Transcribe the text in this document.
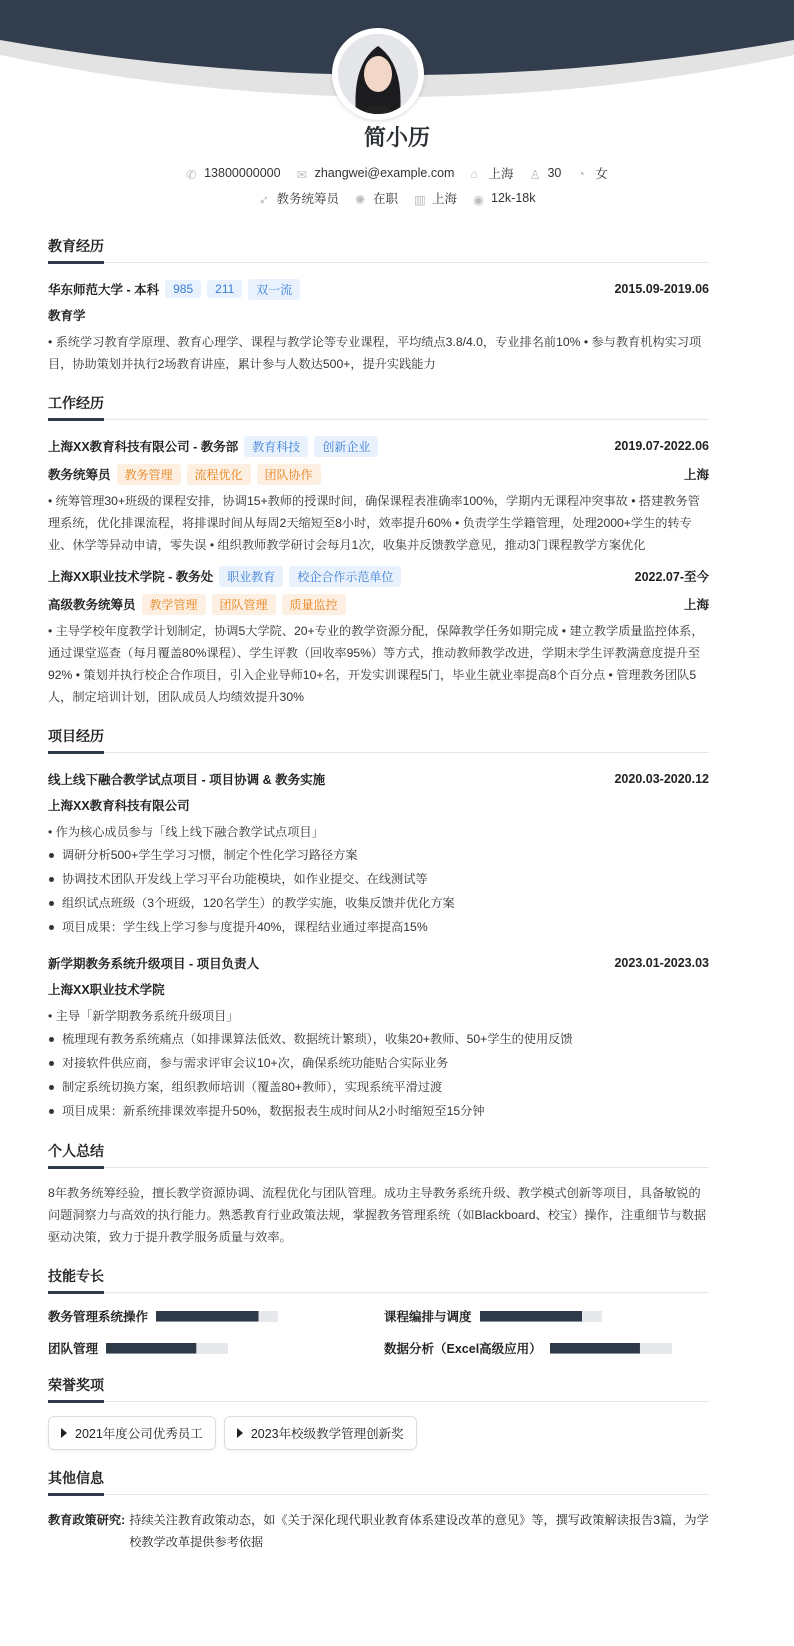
简小历
✆ 13800000000 ✉ zhangwei@example.com ⌂ 上海 ♙ 30 ◔ 女
➶ 教务统筹员 ✺ 在职 ▥ 上海 ◉ 12k-18k
教育经历
华东师范大学 - 本科	985	211	双一流	2015.09-2019.06
教育学
• 系统学习教育学原理、教育心理学、课程与教学论等专业课程，平均绩点3.8/4.0，专业排名前10% • 参与教育机构实习项目，协助策划并执行2场教育讲座，累计参与人数达500+，提升实践能力
工作经历
上海XX教育科技有限公司 - 教务部	教育科技	创新企业	2019.07-2022.06
教务统筹员	教务管理	流程优化	团队协作	上海
• 统筹管理30+班级的课程安排，协调15+教师的授课时间，确保课程表准确率100%，学期内无课程冲突事故 • 搭建教务管理系统，优化排课流程，将排课时间从每周2天缩短至8小时，效率提升60% • 负责学生学籍管理，处理2000+学生的转专业、休学等异动申请，零失误 • 组织教师教学研讨会每月1次，收集并反馈教学意见，推动3门课程教学方案优化
上海XX职业技术学院 - 教务处	职业教育	校企合作示范单位	2022.07-至今
高级教务统筹员	教学管理	团队管理	质量监控	上海
• 主导学校年度教学计划制定，协调5大学院、20+专业的教学资源分配，保障教学任务如期完成 • 建立教学质量监控体系，通过课堂巡查（每月覆盖80%课程）、学生评教（回收率95%）等方式，推动教师教学改进，学期末学生评教满意度提升至92% • 策划并执行校企合作项目，引入企业导师10+名，开发实训课程5门，毕业生就业率提高8个百分点 • 管理教务团队5人，制定培训计划，团队成员人均绩效提升30%
项目经历
线上线下融合教学试点项目 - 项目协调 & 教务实施	2020.03-2020.12
上海XX教育科技有限公司
• 作为核心成员参与「线上线下融合教学试点项目」
调研分析500+学生学习习惯，制定个性化学习路径方案
协调技术团队开发线上学习平台功能模块，如作业提交、在线测试等
组织试点班级（3个班级，120名学生）的教学实施，收集反馈并优化方案
项目成果：学生线上学习参与度提升40%，课程结业通过率提高15%
新学期教务系统升级项目 - 项目负责人	2023.01-2023.03
上海XX职业技术学院
• 主导「新学期教务系统升级项目」
梳理现有教务系统痛点（如排课算法低效、数据统计繁琐），收集20+教师、50+学生的使用反馈
对接软件供应商，参与需求评审会议10+次，确保系统功能贴合实际业务
制定系统切换方案，组织教师培训（覆盖80+教师），实现系统平滑过渡
项目成果：新系统排课效率提升50%，数据报表生成时间从2小时缩短至15分钟
个人总结
8年教务统筹经验，擅长教学资源协调、流程优化与团队管理。成功主导教务系统升级、教学模式创新等项目，具备敏锐的问题洞察力与高效的执行能力。熟悉教育行业政策法规，掌握教务管理系统（如Blackboard、校宝）操作，注重细节与数据驱动决策，致力于提升教学服务质量与效率。
技能专长
教务管理系统操作	课程编排与调度
团队管理	数据分析（Excel高级应用）
荣誉奖项
2021年度公司优秀员工	2023年校级教学管理创新奖
其他信息
教育政策研究: 持续关注教育政策动态，如《关于深化现代职业教育体系建设改革的意见》等，撰写政策解读报告3篇，为学校教学改革提供参考依据
